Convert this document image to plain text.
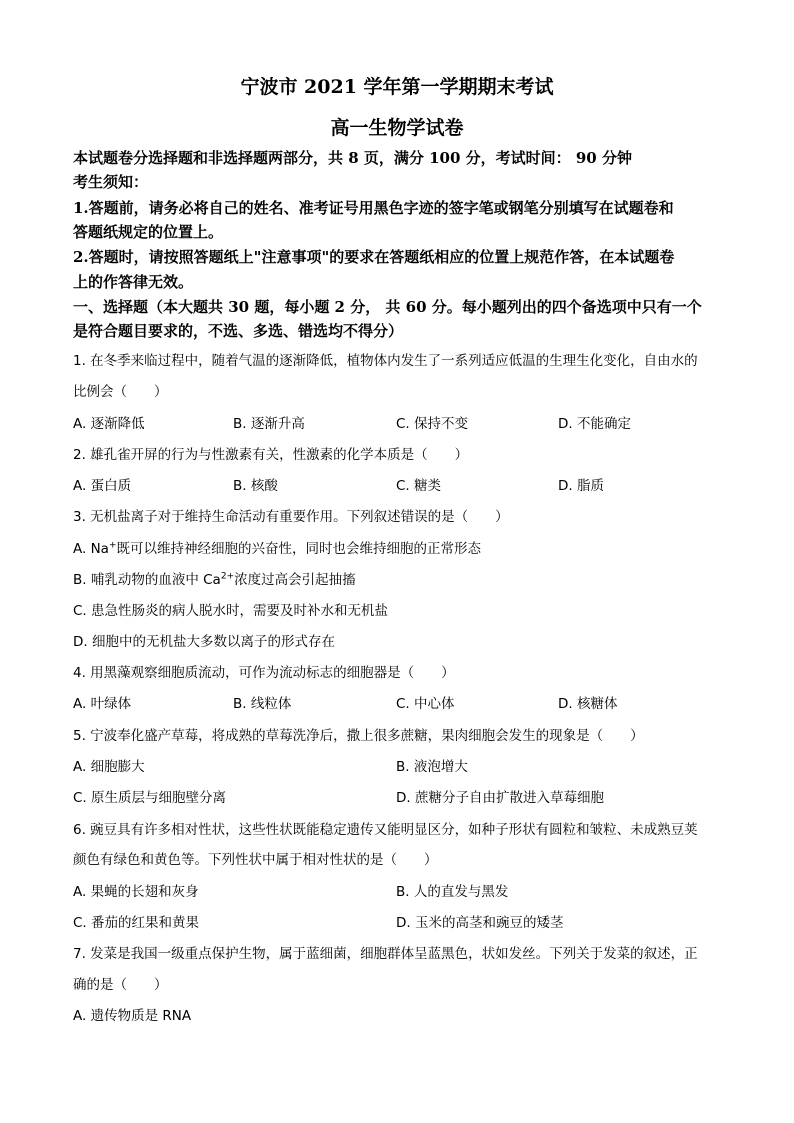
宁波市 2021 学年第一学期期末考试
高一生物学试卷
本试题卷分选择题和非选择题两部分，共 8 页，满分 100 分，考试时间： 90 分钟
考生须知：
1.答题前，请务必将自己的姓名、准考证号用黑色字迹的签字笔或钢笔分别填写在试题卷和
答题纸规定的位置上。
2.答题时，请按照答题纸上"注意事项"的要求在答题纸相应的位置上规范作答，在本试题卷
上的作答律无效。
一、选择题（本大题共 30 题，每小题 2 分， 共 60 分。每小题列出的四个备选项中只有一个
是符合题目要求的，不选、多选、错选均不得分）
1. 在冬季来临过程中，随着气温的逐渐降低，植物体内发生了一系列适应低温的生理生化变化，自由水的
比例会（　　）
A. 逐渐降低	B. 逐渐升高	C. 保持不变	D. 不能确定
2. 雄孔雀开屏的行为与性激素有关，性激素的化学本质是（　　）
A. 蛋白质	B. 核酸	C. 糖类	D. 脂质
3. 无机盐离子对于维持生命活动有重要作用。下列叙述错误的是（　　）
A. Na+既可以维持神经细胞的兴奋性，同时也会维持细胞的正常形态
B. 哺乳动物的血液中 $Ca^{2+}$浓度过高会引起抽搐
C. 患急性肠炎的病人脱水时，需要及时补水和无机盐
D. 细胞中的无机盐大多数以离子的形式存在
4. 用黑藻观察细胞质流动，可作为流动标志的细胞器是（　　）
A. 叶绿体	B. 线粒体	C. 中心体	D. 核糖体
5. 宁波奉化盛产草莓，将成熟的草莓洗净后，撒上很多蔗糖，果肉细胞会发生的现象是（　　）
A. 细胞膨大	B. 液泡增大
C. 原生质层与细胞壁分离	D. 蔗糖分子自由扩散进入草莓细胞
6. 豌豆具有许多相对性状，这些性状既能稳定遗传又能明显区分，如种子形状有圆粒和皱粒、未成熟豆荚
颜色有绿色和黄色等。下列性状中属于相对性状的是（　　）
A. 果蝇的长翅和灰身	B. 人的直发与黑发
C. 番茄的红果和黄果	D. 玉米的高茎和豌豆的矮茎
7. 发菜是我国一级重点保护生物，属于蓝细菌，细胞群体呈蓝黑色，状如发丝。下列关于发菜的叙述，正
确的是（　　）
A. 遗传物质是 RNA
